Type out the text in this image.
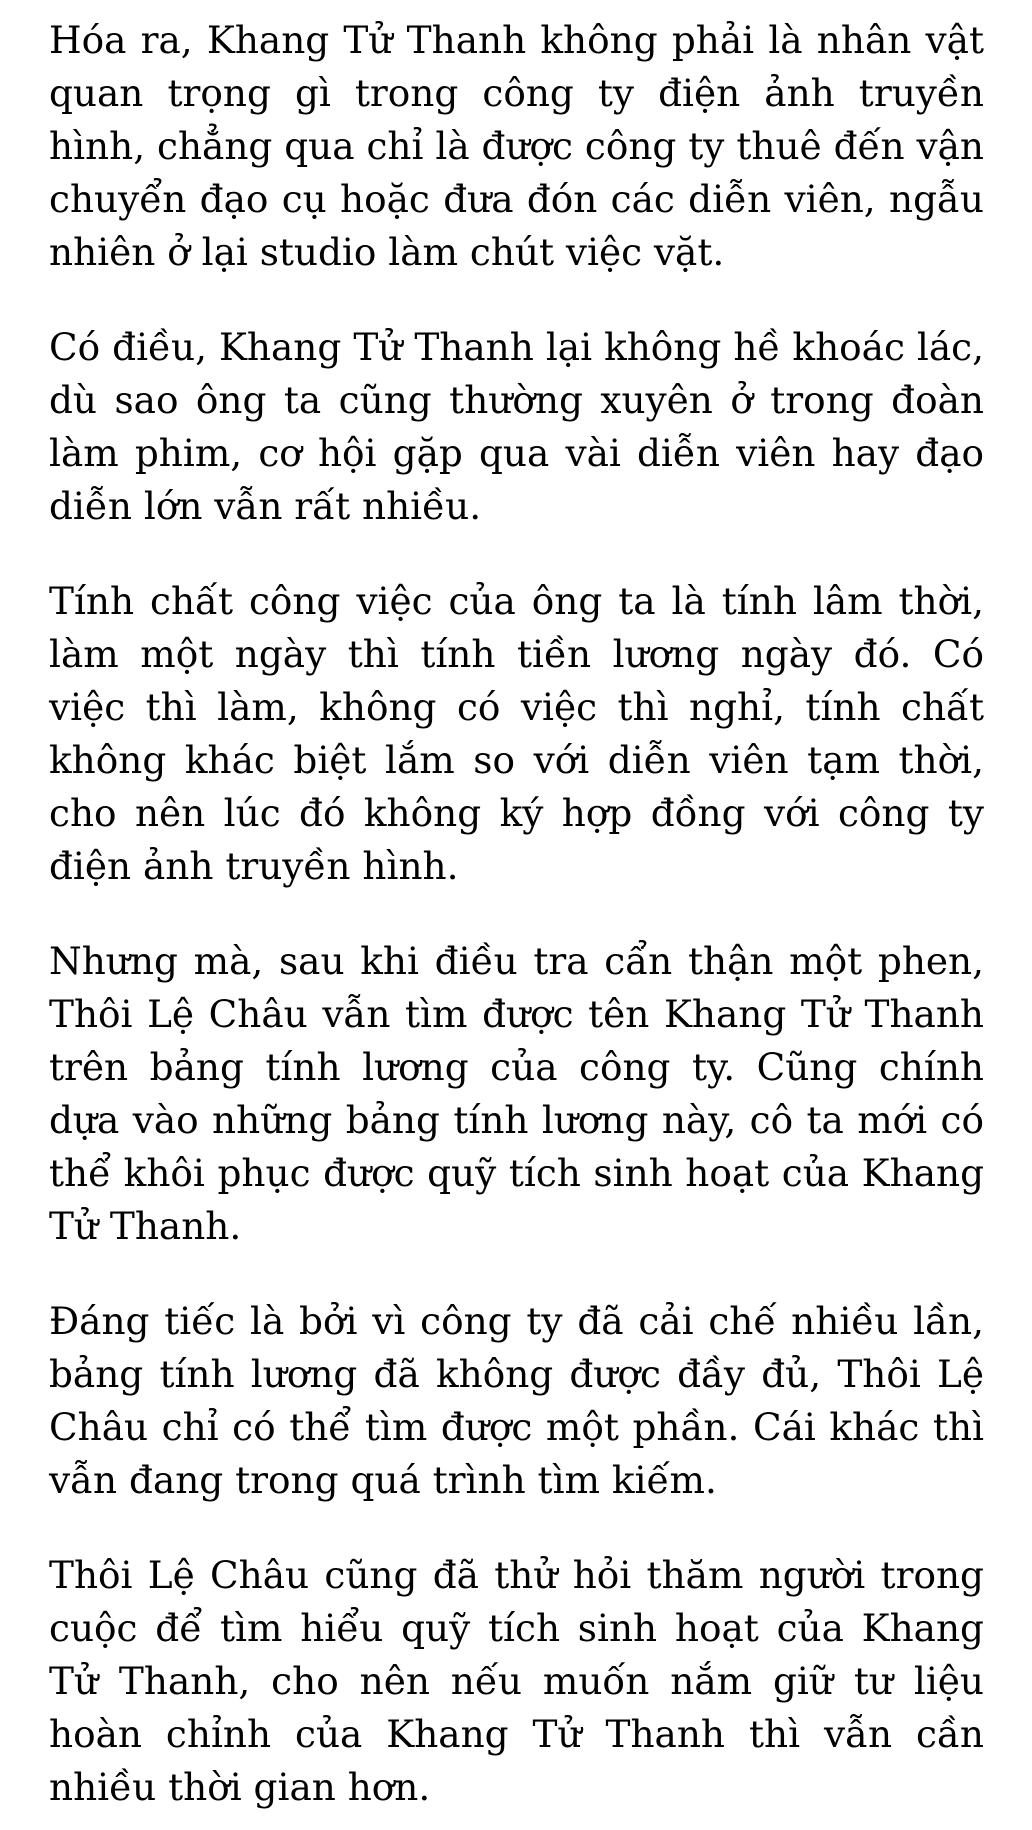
Hóa ra, Khang Tử Thanh không phải là nhân vật quan trọng gì trong công ty điện ảnh truyền hình, chẳng qua chỉ là được công ty thuê đến vận chuyển đạo cụ hoặc đưa đón các diễn viên, ngẫu nhiên ở lại studio làm chút việc vặt.

Có điều, Khang Tử Thanh lại không hề khoác lác, dù sao ông ta cũng thường xuyên ở trong đoàn làm phim, cơ hội gặp qua vài diễn viên hay đạo diễn lớn vẫn rất nhiều.

Tính chất công việc của ông ta là tính lâm thời, làm một ngày thì tính tiền lương ngày đó. Có việc thì làm, không có việc thì nghỉ, tính chất không khác biệt lắm so với diễn viên tạm thời, cho nên lúc đó không ký hợp đồng với công ty điện ảnh truyền hình.

Nhưng mà, sau khi điều tra cẩn thận một phen, Thôi Lệ Châu vẫn tìm được tên Khang Tử Thanh trên bảng tính lương của công ty. Cũng chính dựa vào những bảng tính lương này, cô ta mới có thể khôi phục được quỹ tích sinh hoạt của Khang Tử Thanh.

Đáng tiếc là bởi vì công ty đã cải chế nhiều lần, bảng tính lương đã không được đầy đủ, Thôi Lệ Châu chỉ có thể tìm được một phần. Cái khác thì vẫn đang trong quá trình tìm kiếm.

Thôi Lệ Châu cũng đã thử hỏi thăm người trong cuộc để tìm hiểu quỹ tích sinh hoạt của Khang Tử Thanh, cho nên nếu muốn nắm giữ tư liệu hoàn chỉnh của Khang Tử Thanh thì vẫn cần nhiều thời gian hơn.
